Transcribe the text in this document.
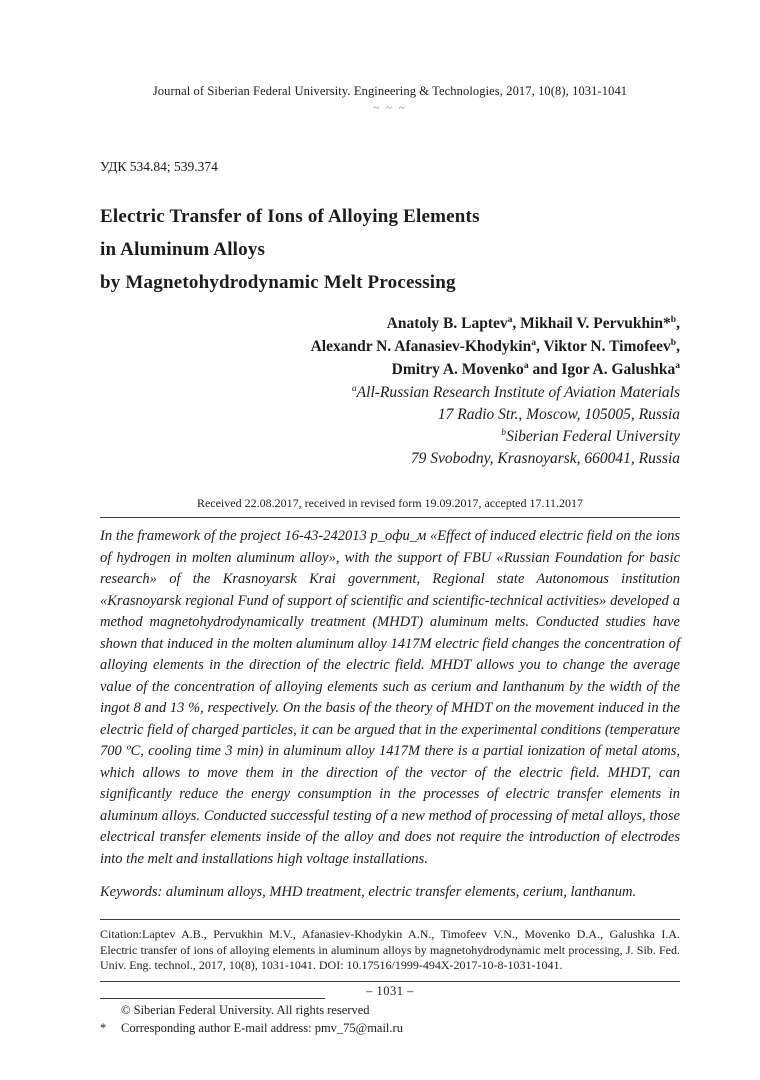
Journal of Siberian Federal University. Engineering & Technologies, 2017, 10(8), 1031-1041
~ ~ ~
УДК 534.84; 539.374
Electric Transfer of Ions of Alloying Elements
in Aluminum Alloys
by Magnetohydrodynamic Melt Processing
Anatoly B. Laptev$^a$, Mikhail V. Pervukhin*$^b$,
Alexandr N. Afanasiev-Khodykin$^a$, Viktor N. Timofeev$^b$,
Dmitry A. Movenko$^a$ and Igor A. Galushka$^a$
$^a$All-Russian Research Institute of Aviation Materials
17 Radio Str., Moscow, 105005, Russia
$^b$Siberian Federal University
79 Svobodny, Krasnoyarsk, 660041, Russia
Received 22.08.2017, received in revised form 19.09.2017, accepted 17.11.2017
In the framework of the project 16-43-242013 р_офи_м «Effect of induced electric field on the ions of hydrogen in molten aluminum alloy», with the support of FBU «Russian Foundation for basic research» of the Krasnoyarsk Krai government, Regional state Autonomous institution «Krasnoyarsk regional Fund of support of scientific and scientific-technical activities» developed a method magnetohydrodynamically treatment (MHDT) aluminum melts. Conducted studies have shown that induced in the molten aluminum alloy 1417M electric field changes the concentration of alloying elements in the direction of the electric field. MHDT allows you to change the average value of the concentration of alloying elements such as cerium and lanthanum by the width of the ingot 8 and 13 %, respectively. On the basis of the theory of MHDT on the movement induced in the electric field of charged particles, it can be argued that in the experimental conditions (temperature 700 ºC, cooling time 3 min) in aluminum alloy 1417M there is a partial ionization of metal atoms, which allows to move them in the direction of the vector of the electric field. MHDT, can significantly reduce the energy consumption in the processes of electric transfer elements in aluminum alloys. Conducted successful testing of a new method of processing of metal alloys, those electrical transfer elements inside of the alloy and does not require the introduction of electrodes into the melt and installations high voltage installations.
Keywords: aluminum alloys, MHD treatment, electric transfer elements, cerium, lanthanum.
Citation:Laptev A.B., Pervukhin M.V., Afanasiev-Khodykin A.N., Timofeev V.N., Movenko D.A., Galushka I.A. Electric transfer of ions of alloying elements in aluminum alloys by magnetohydrodynamic melt processing, J. Sib. Fed. Univ. Eng. technol., 2017, 10(8), 1031-1041. DOI: 10.17516/1999-494X-2017-10-8-1031-1041.
© Siberian Federal University. All rights reserved
*	Corresponding author E-mail address: pmv_75@mail.ru
– 1031 –
